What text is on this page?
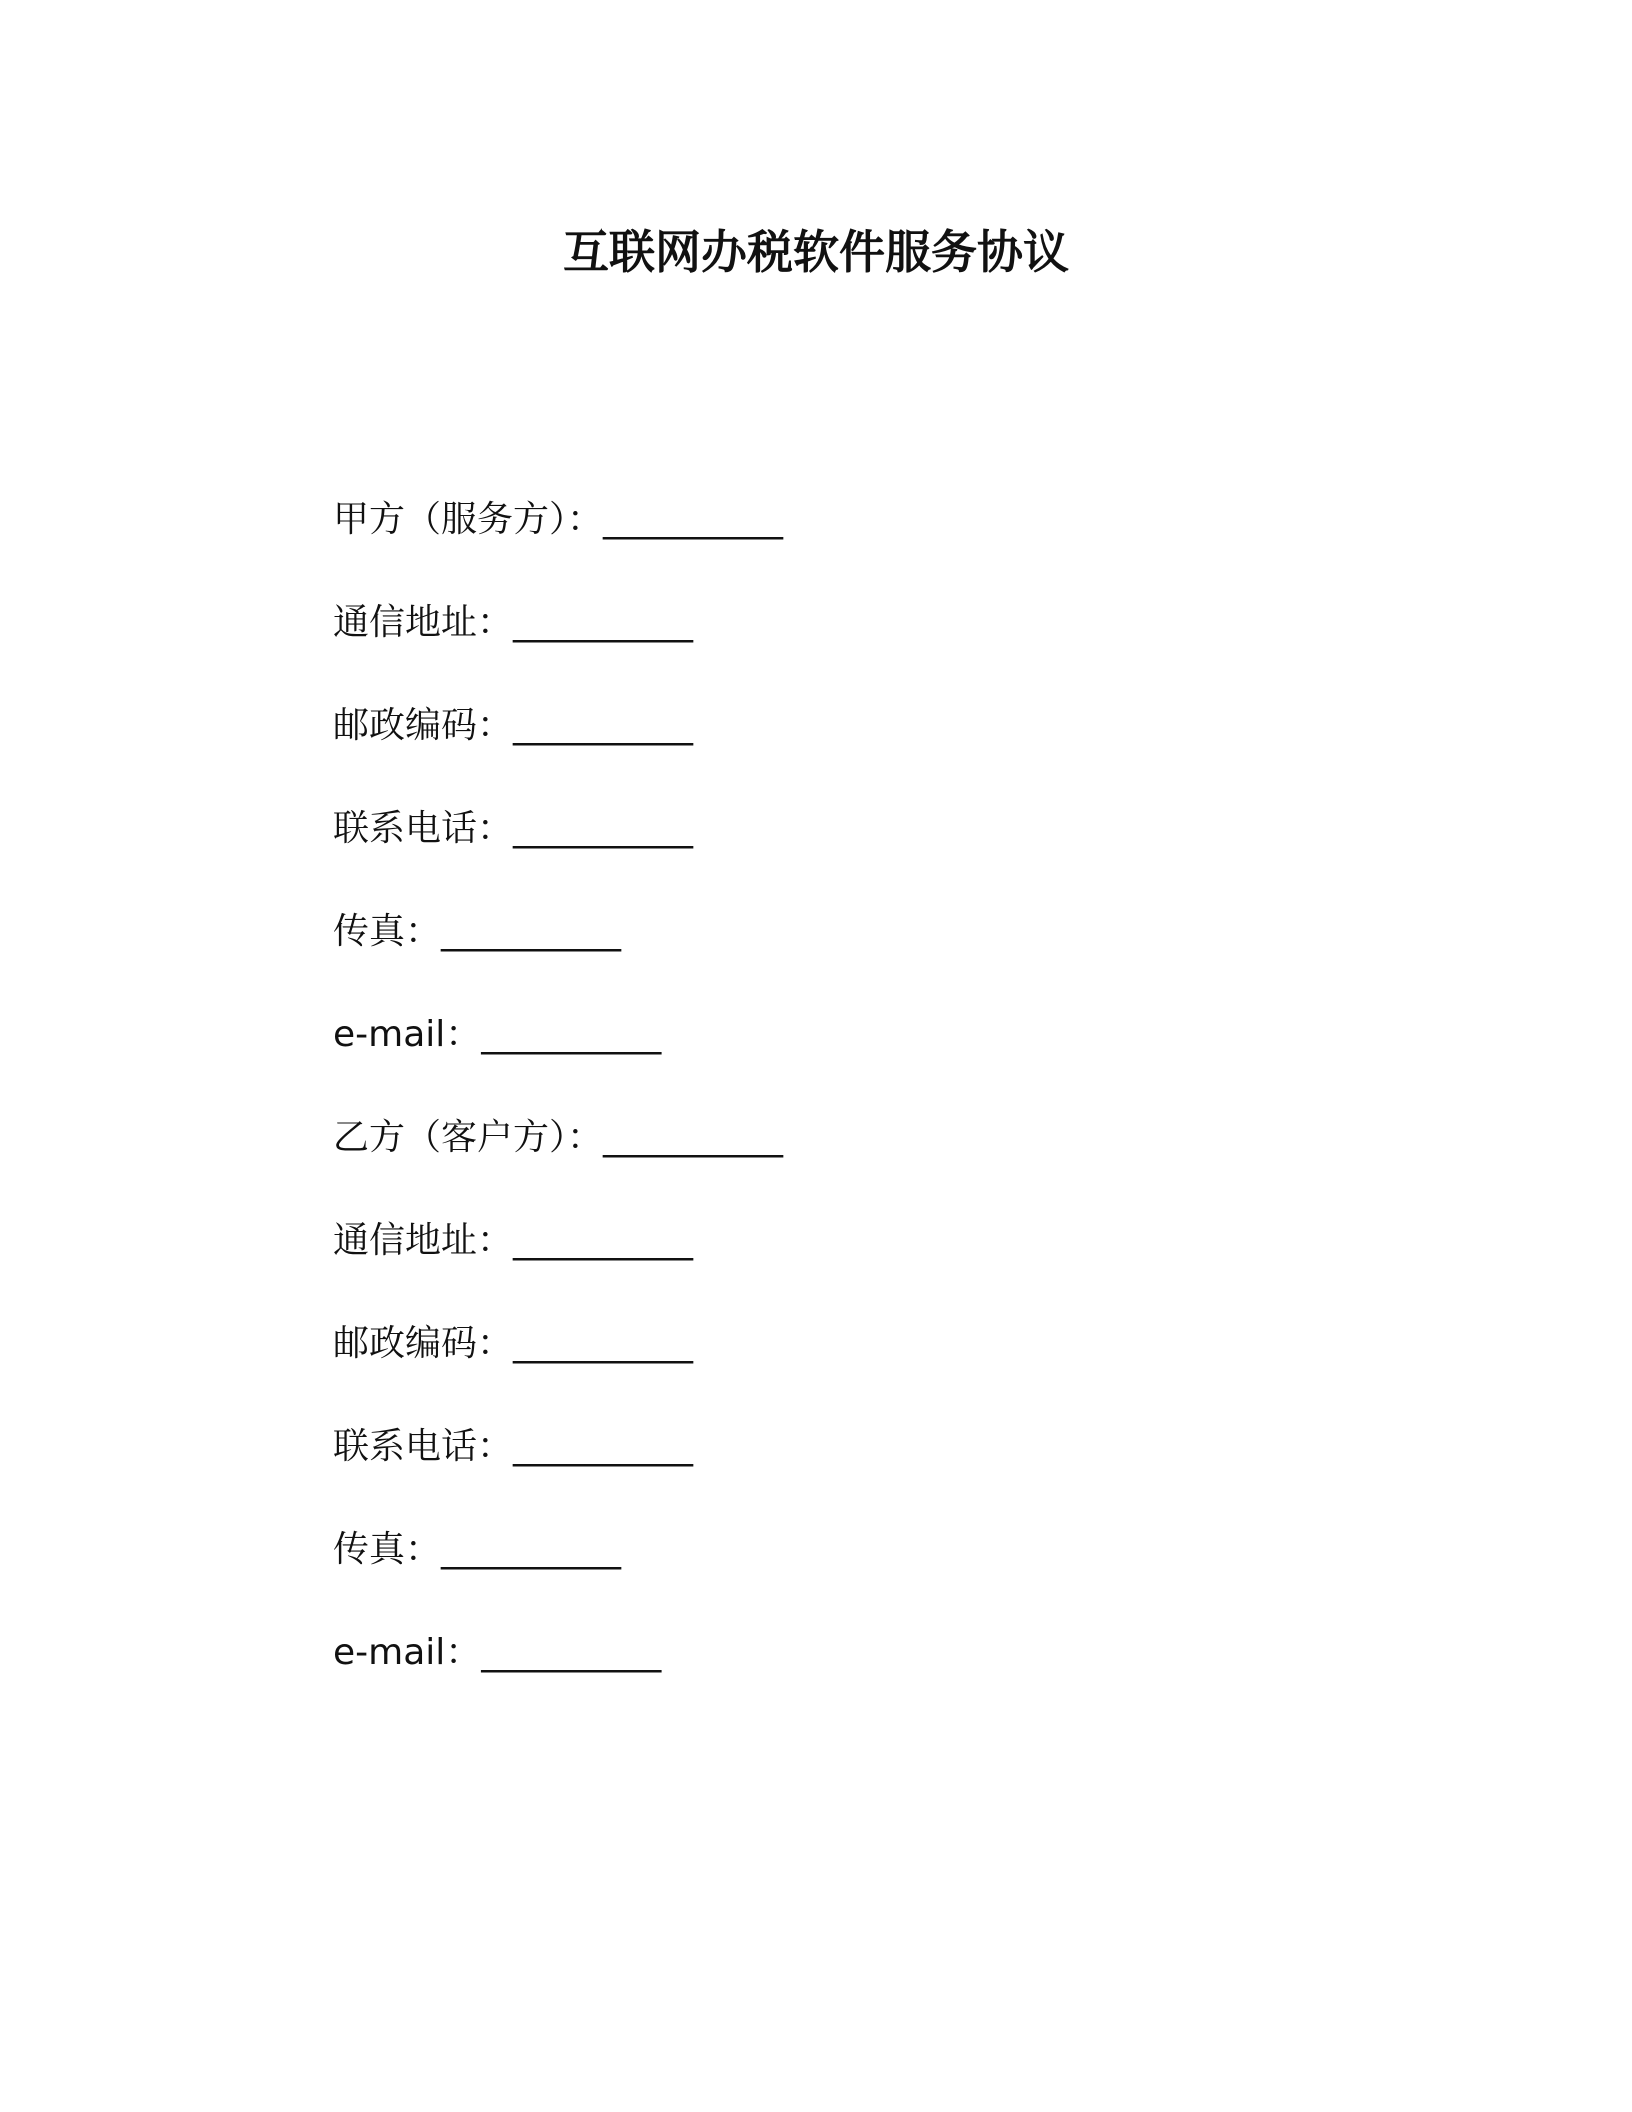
互联网办税软件服务协议
甲方（服务方）：__________
通信地址：__________
邮政编码：__________
联系电话：__________
传真：__________
e-mail：__________
乙方（客户方）：__________
通信地址：__________
邮政编码：__________
联系电话：__________
传真：__________
e-mail：__________
